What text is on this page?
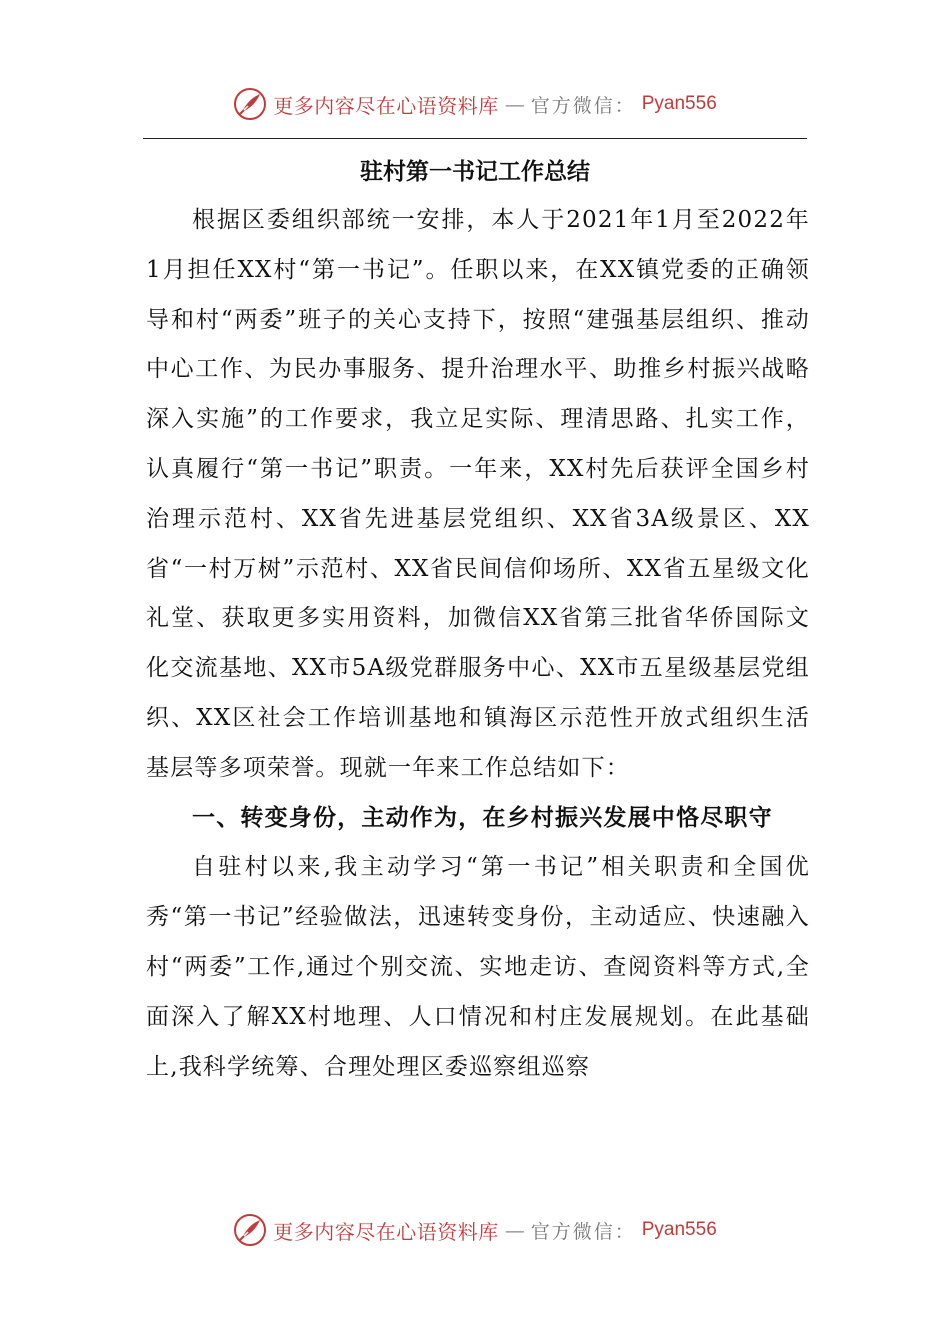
更多内容尽在心语资料库 — 官方微信： Pyan556
驻村第一书记工作总结

根据区委组织部统一安排，本人于2021年1月至2022年1月担任XX村“第一书记”。任职以来，在XX镇党委的正确领导和村“两委”班子的关心支持下，按照“建强基层组织、推动中心工作、为民办事服务、提升治理水平、助推乡村振兴战略深入实施”的工作要求，我立足实际、理清思路、扎实工作，认真履行“第一书记”职责。一年来，XX村先后获评全国乡村治理示范村、XX省先进基层党组织、XX省3A级景区、XX省“一村万树”示范村、XX省民间信仰场所、XX省五星级文化礼堂、获取更多实用资料，加微信XX省第三批省华侨国际文化交流基地、XX市5A级党群服务中心、XX市五星级基层党组织、XX区社会工作培训基地和镇海区示范性开放式组织生活基层等多项荣誉。现就一年来工作总结如下：

一、转变身份，主动作为，在乡村振兴发展中恪尽职守

自驻村以来,我主动学习“第一书记”相关职责和全国优秀“第一书记”经验做法，迅速转变身份，主动适应、快速融入村“两委”工作,通过个别交流、实地走访、查阅资料等方式,全面深入了解XX村地理、人口情况和村庄发展规划。在此基础上,我科学统筹、合理处理区委巡察组巡察

更多内容尽在心语资料库 — 官方微信： Pyan556
